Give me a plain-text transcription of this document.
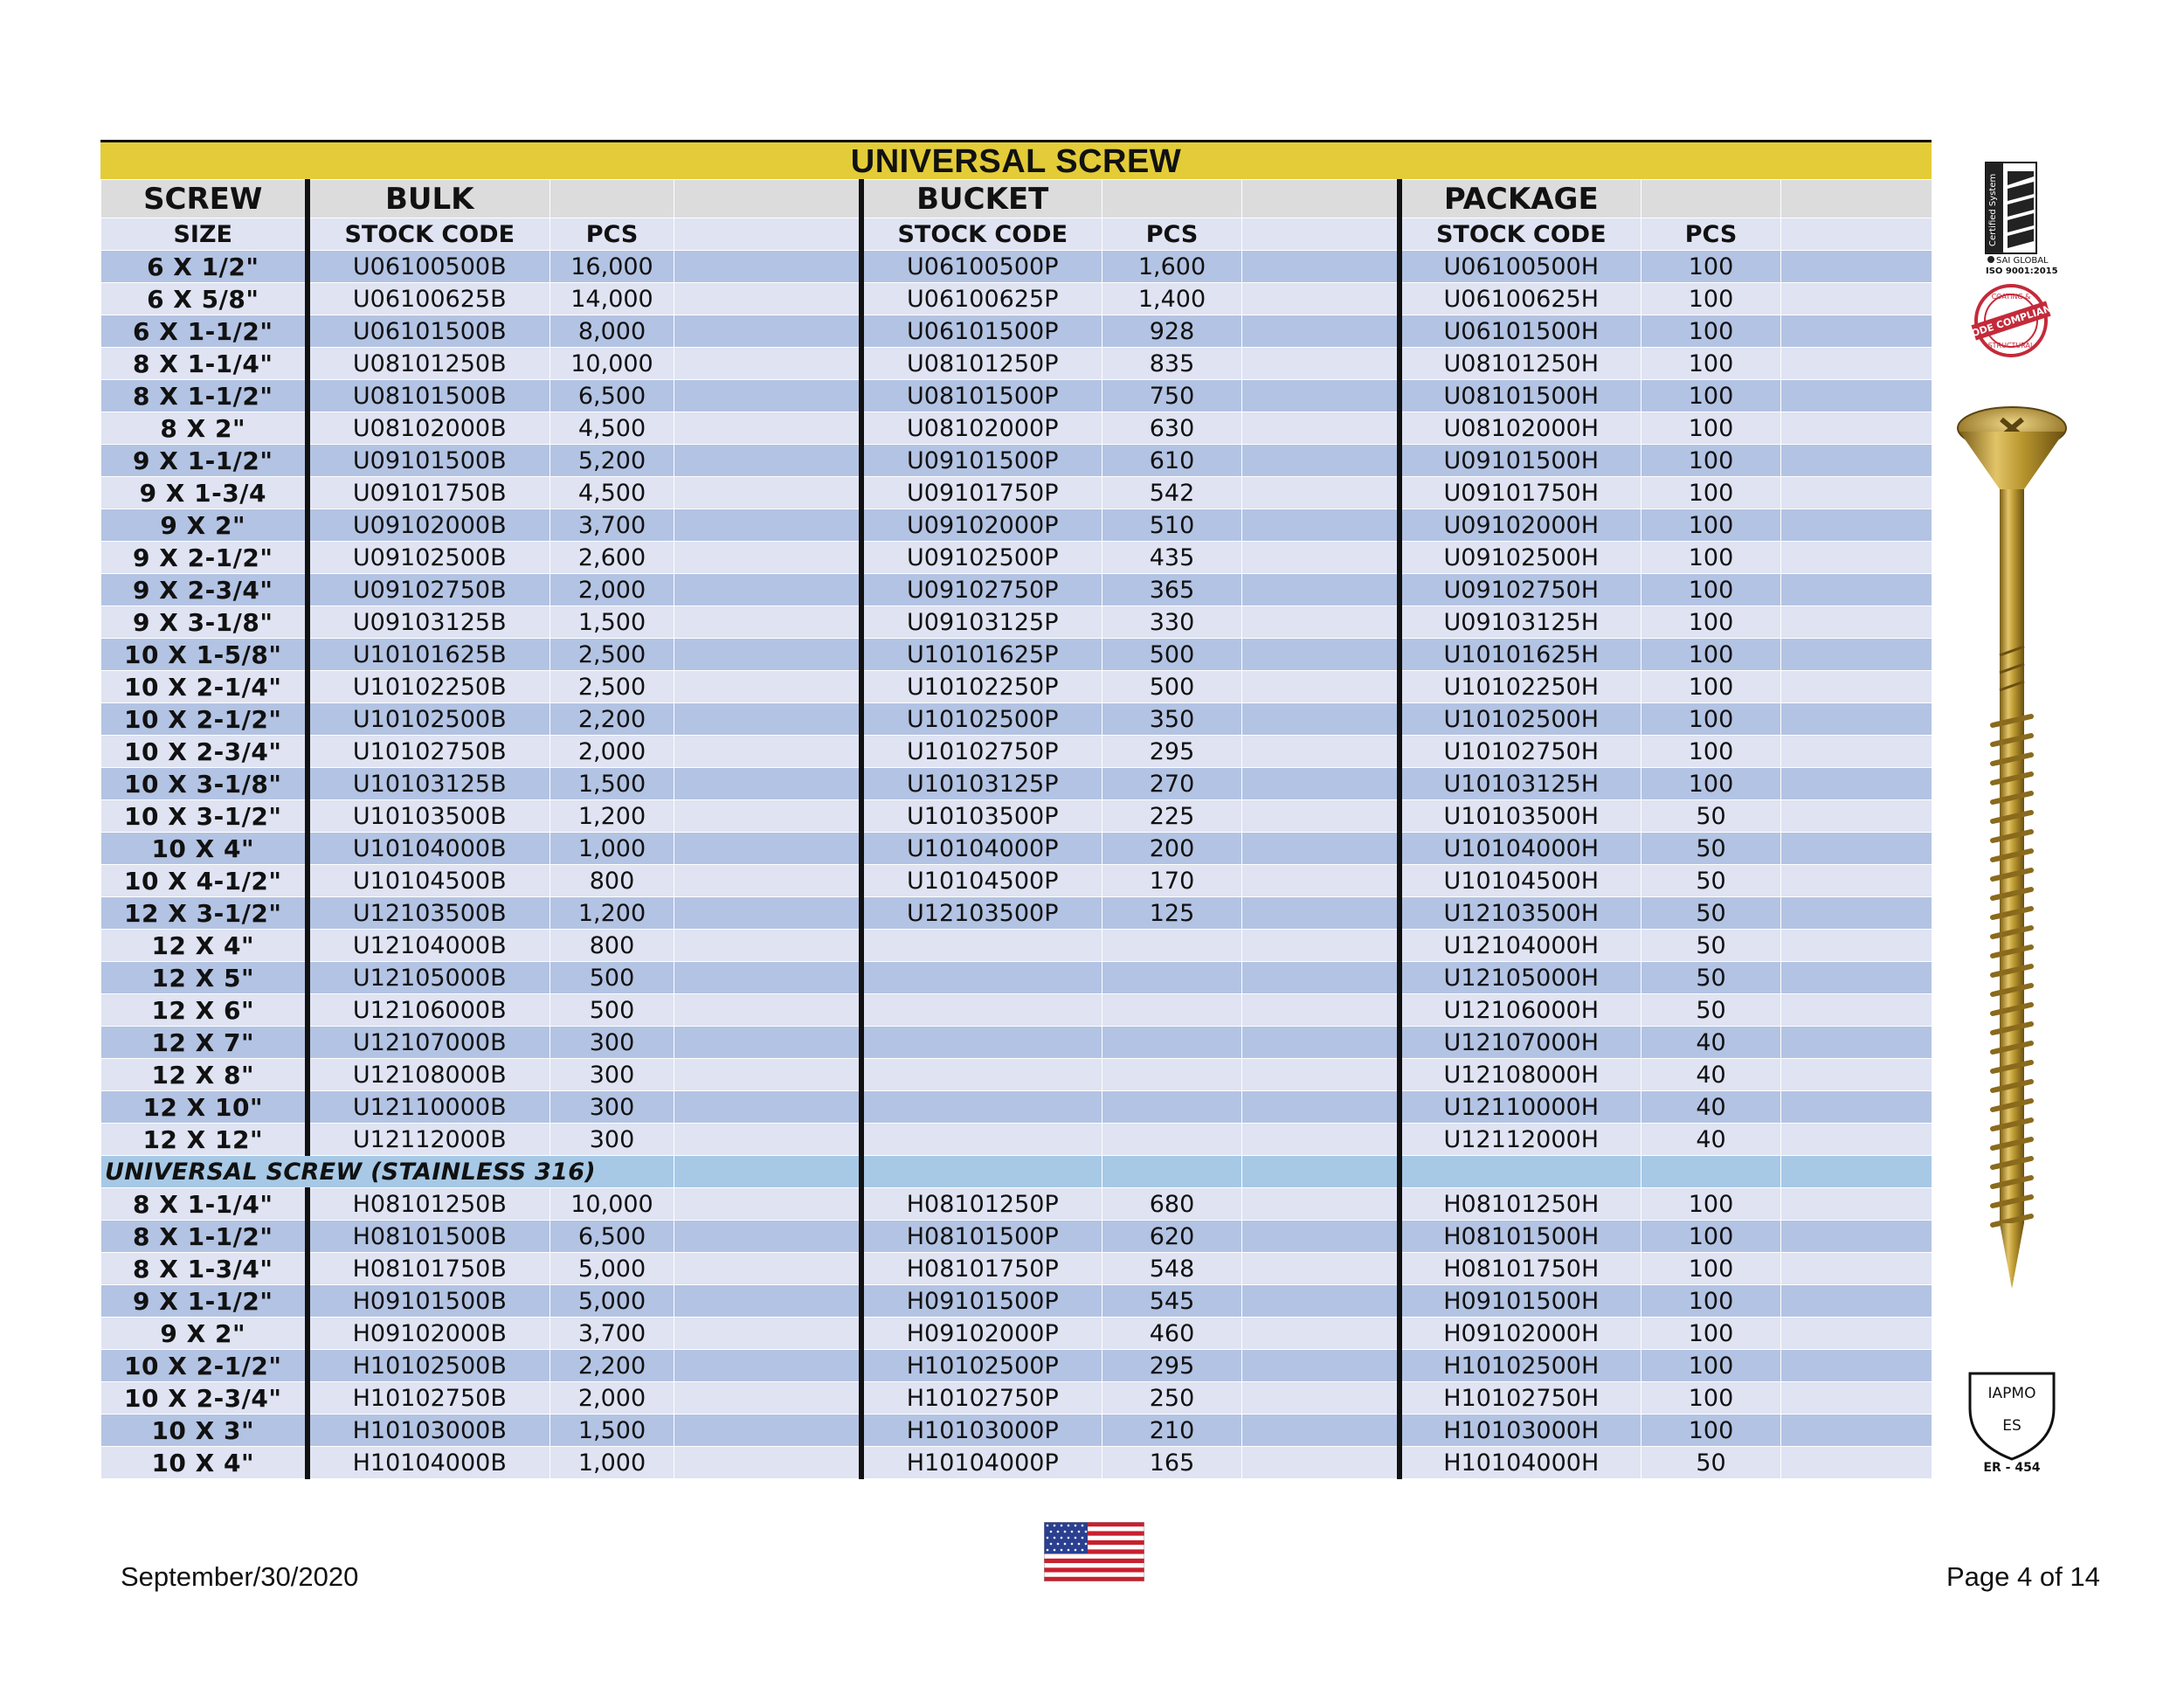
UNIVERSAL SCREW
SCREW	BULK			BUCKET			PACKAGE		
SIZE	STOCK CODE	PCS		STOCK CODE	PCS		STOCK CODE	PCS	
6 X 1/2"	U06100500B	16,000		U06100500P	1,600		U06100500H	100	
6 X 5/8"	U06100625B	14,000		U06100625P	1,400		U06100625H	100	
6 X 1-1/2"	U06101500B	8,000		U06101500P	928		U06101500H	100	
8 X 1-1/4"	U08101250B	10,000		U08101250P	835		U08101250H	100	
8 X 1-1/2"	U08101500B	6,500		U08101500P	750		U08101500H	100	
8 X 2"	U08102000B	4,500		U08102000P	630		U08102000H	100	
9 X 1-1/2"	U09101500B	5,200		U09101500P	610		U09101500H	100	
9 X 1-3/4	U09101750B	4,500		U09101750P	542		U09101750H	100	
9 X 2"	U09102000B	3,700		U09102000P	510		U09102000H	100	
9 X 2-1/2"	U09102500B	2,600		U09102500P	435		U09102500H	100	
9 X 2-3/4"	U09102750B	2,000		U09102750P	365		U09102750H	100	
9 X 3-1/8"	U09103125B	1,500		U09103125P	330		U09103125H	100	
10 X 1-5/8"	U10101625B	2,500		U10101625P	500		U10101625H	100	
10 X 2-1/4"	U10102250B	2,500		U10102250P	500		U10102250H	100	
10 X 2-1/2"	U10102500B	2,200		U10102500P	350		U10102500H	100	
10 X 2-3/4"	U10102750B	2,000		U10102750P	295		U10102750H	100	
10 X 3-1/8"	U10103125B	1,500		U10103125P	270		U10103125H	100	
10 X 3-1/2"	U10103500B	1,200		U10103500P	225		U10103500H	50	
10 X 4"	U10104000B	1,000		U10104000P	200		U10104000H	50	
10 X 4-1/2"	U10104500B	800		U10104500P	170		U10104500H	50	
12 X 3-1/2"	U12103500B	1,200		U12103500P	125		U12103500H	50	
12 X 4"	U12104000B	800					U12104000H	50	
12 X 5"	U12105000B	500					U12105000H	50	
12 X 6"	U12106000B	500					U12106000H	50	
12 X 7"	U12107000B	300					U12107000H	40	
12 X 8"	U12108000B	300					U12108000H	40	
12 X 10"	U12110000B	300					U12110000H	40	
12 X 12"	U12112000B	300					U12112000H	40	
UNIVERSAL SCREW (STAINLESS 316)									
8 X 1-1/4"	H08101250B	10,000		H08101250P	680		H08101250H	100	
8 X 1-1/2"	H08101500B	6,500		H08101500P	620		H08101500H	100	
8 X 1-3/4"	H08101750B	5,000		H08101750P	548		H08101750H	100	
9 X 1-1/2"	H09101500B	5,000		H09101500P	545		H09101500H	100	
9 X 2"	H09102000B	3,700		H09102000P	460		H09102000H	100	
10 X 2-1/2"	H10102500B	2,200		H10102500P	295		H10102500H	100	
10 X 2-3/4"	H10102750B	2,000		H10102750P	250		H10102750H	100	
10 X 3"	H10103000B	1,500		H10103000P	210		H10103000H	100	
10 X 4"	H10104000B	1,000		H10104000P	165		H10104000H	50	
Certified System
SAI GLOBAL
ISO 9001:2015
CODE COMPLIANT
COATING &
STRUCTURAL
IAPMO
ES
ER - 454
September/30/2020	Page 4 of 14
